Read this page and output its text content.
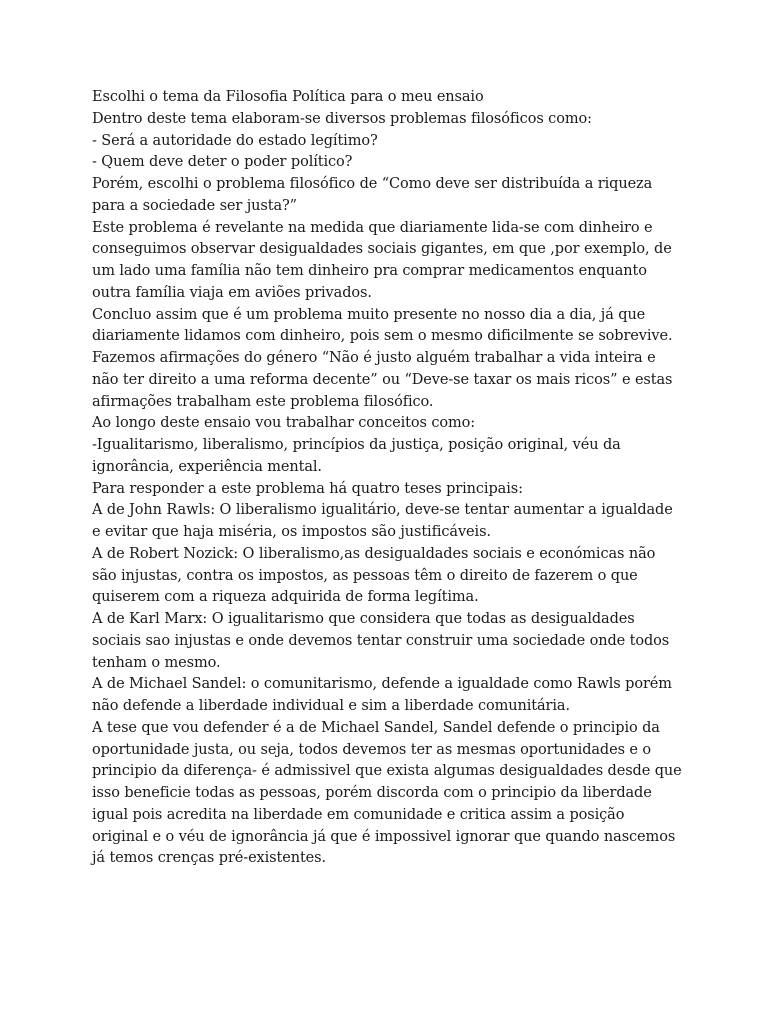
Escolhi o tema da Filosofia Política para o meu ensaio

Dentro deste tema elaboram-se diversos problemas filosóficos como:

- Será a autoridade do estado legítimo?

- Quem deve deter o poder político?

Porém, escolhi o problema filosófico de “Como deve ser distribuída a riqueza para a sociedade ser justa?”

Este problema é revelante na medida que diariamente lida-se com dinheiro e conseguimos observar desigualdades sociais gigantes, em que ,por exemplo, de um lado uma família não tem dinheiro pra comprar medicamentos enquanto outra família viaja em aviões privados.

Concluo assim que é um problema muito presente no nosso dia a dia, já que diariamente lidamos com dinheiro, pois sem o mesmo dificilmente se sobrevive.

Fazemos afirmações do género “Não é justo alguém trabalhar a vida inteira e não ter direito a uma reforma decente” ou “Deve-se taxar os mais ricos” e estas afirmações trabalham este problema filosófico.

Ao longo deste ensaio vou trabalhar conceitos como:

-Igualitarismo, liberalismo, princípios da justiça, posição original, véu da ignorância, experiência mental.

Para responder a este problema há quatro teses principais:

A de John Rawls: O liberalismo igualitário, deve-se tentar aumentar a igualdade e evitar que haja miséria, os impostos são justificáveis.

A de Robert Nozick: O liberalismo,as desigualdades sociais e económicas não são injustas, contra os impostos, as pessoas têm o direito de fazerem o que quiserem com a riqueza adquirida de forma legítima.

A de Karl Marx: O igualitarismo que considera que todas as desigualdades sociais sao injustas e onde devemos tentar construir uma sociedade onde todos tenham o mesmo.

A de Michael Sandel: o comunitarismo, defende a igualdade como Rawls porém não defende a liberdade individual e sim a liberdade comunitária.

A tese que vou defender é a de Michael Sandel, Sandel defende o principio da oportunidade justa, ou seja, todos devemos ter as mesmas oportunidades e o principio da diferença- é admissivel que exista algumas desigualdades desde que isso beneficie todas as pessoas, porém discorda com o principio da liberdade igual pois acredita na liberdade em comunidade e critica assim a posição original e o véu de ignorância já que é impossivel ignorar que quando nascemos já temos crenças pré-existentes.
